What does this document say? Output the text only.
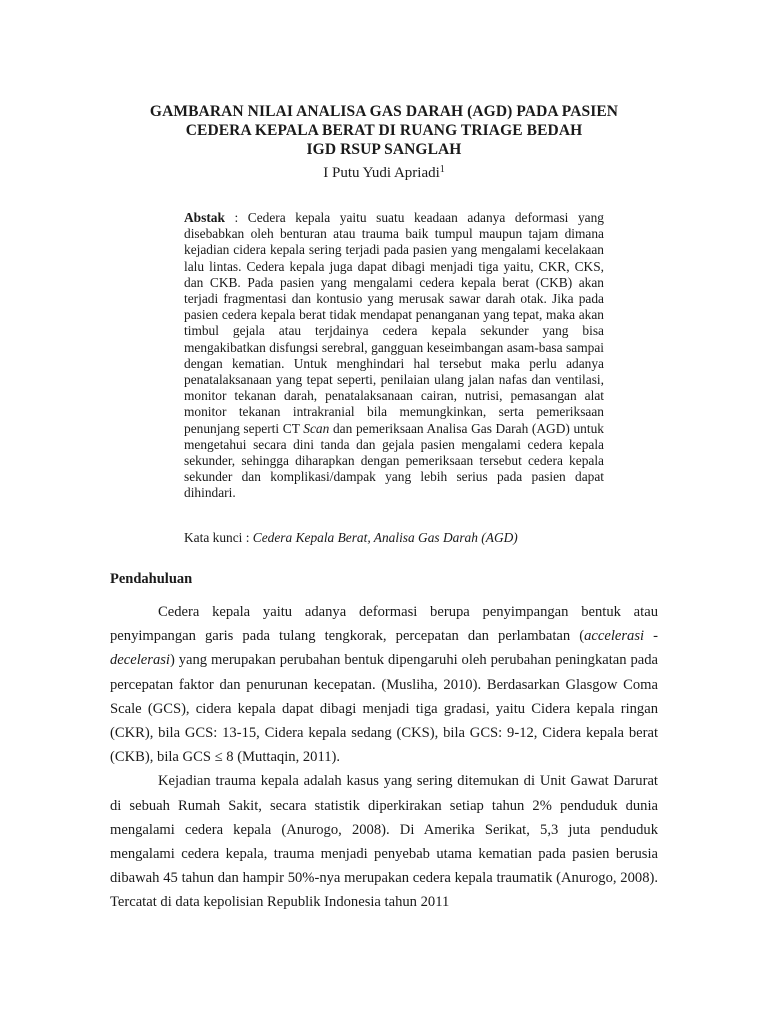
GAMBARAN NILAI ANALISA GAS DARAH (AGD) PADA PASIEN
CEDERA KEPALA BERAT DI RUANG TRIAGE BEDAH
IGD RSUP SANGLAH
I Putu Yudi Apriadi$^1$

Abstak : Cedera kepala yaitu suatu keadaan adanya deformasi yang disebabkan oleh benturan atau trauma baik tumpul maupun tajam dimana kejadian cidera kepala sering terjadi pada pasien yang mengalami kecelakaan lalu lintas. Cedera kepala juga dapat dibagi menjadi tiga yaitu, CKR, CKS, dan CKB. Pada pasien yang mengalami cedera kepala berat (CKB) akan terjadi fragmentasi dan kontusio yang merusak sawar darah otak. Jika pada pasien cedera kepala berat tidak mendapat penanganan yang tepat, maka akan timbul gejala atau terjdainya cedera kepala sekunder yang bisa mengakibatkan disfungsi serebral, gangguan keseimbangan asam-basa sampai dengan kematian. Untuk menghindari hal tersebut maka perlu adanya penatalaksanaan yang tepat seperti, penilaian ulang jalan nafas dan ventilasi, monitor tekanan darah, penatalaksanaan cairan, nutrisi, pemasangan alat monitor tekanan intrakranial bila memungkinkan, serta pemeriksaan penunjang seperti CT Scan dan pemeriksaan Analisa Gas Darah (AGD) untuk mengetahui secara dini tanda dan gejala pasien mengalami cedera kepala sekunder, sehingga diharapkan dengan pemeriksaan tersebut cedera kepala sekunder dan komplikasi/dampak yang lebih serius pada pasien dapat dihindari.

Kata kunci : Cedera Kepala Berat, Analisa Gas Darah (AGD)
Pendahuluan

Cedera kepala yaitu adanya deformasi berupa penyimpangan bentuk atau penyimpangan garis pada tulang tengkorak, percepatan dan perlambatan (accelerasi - decelerasi) yang merupakan perubahan bentuk dipengaruhi oleh perubahan peningkatan pada percepatan faktor dan penurunan kecepatan. (Musliha, 2010). Berdasarkan Glasgow Coma Scale (GCS), cidera kepala dapat dibagi menjadi tiga gradasi, yaitu Cidera kepala ringan (CKR), bila GCS: 13-15, Cidera kepala sedang (CKS), bila GCS: 9-12, Cidera kepala berat (CKB), bila GCS ≤ 8 (Muttaqin, 2011).

Kejadian trauma kepala adalah kasus yang sering ditemukan di Unit Gawat Darurat di sebuah Rumah Sakit, secara statistik diperkirakan setiap tahun 2% penduduk dunia mengalami cedera kepala (Anurogo, 2008). Di Amerika Serikat, 5,3 juta penduduk mengalami cedera kepala, trauma menjadi penyebab utama kematian pada pasien berusia dibawah 45 tahun dan hampir 50%-nya merupakan cedera kepala traumatik (Anurogo, 2008). Tercatat di data kepolisian Republik Indonesia tahun 2011
